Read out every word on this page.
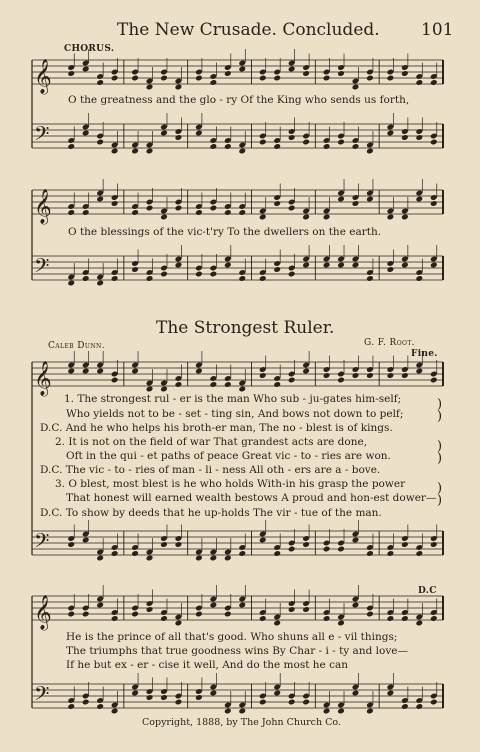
The New Crusade. Concluded. 101
𝄞
𝄢
𝄞
𝄢
𝄞
𝄢
𝄞
𝄢
CHORUS.
O the greatness and the glo - ry Of the King who sends us forth,
O the blessings of the vic-t'ry To the dwellers on the earth.
The Strongest Ruler.
Caleb Dunn.	G. F. Root.
Fine.
1. The strongest rul - er is the man Who sub - ju-gates him-self;
Who yields not to be - set - ting sin, And bows not down to pelf;
D.C. And he who helps his broth-er man, The no - blest is of kings.
2. It is not on the field of war That grandest acts are done,
Oft in the qui - et paths of peace Great vic - to - ries are won.
D.C. The vic - to - ries of man - li - ness All oth - ers are a - bove.
3. O blest, most blest is he who holds With-in his grasp the power
That honest will earned wealth bestows A proud and hon-est dower—
D.C. To show by deeds that he up-holds The vir - tue of the man.
)
)
)
)
)
)
D.C
He is the prince of all that's good. Who shuns all e - vil things;
The triumphs that true goodness wins By Char - i - ty and love—
If he but ex - er - cise it well, And do the most he can
Copyright, 1888, by The John Church Co.
